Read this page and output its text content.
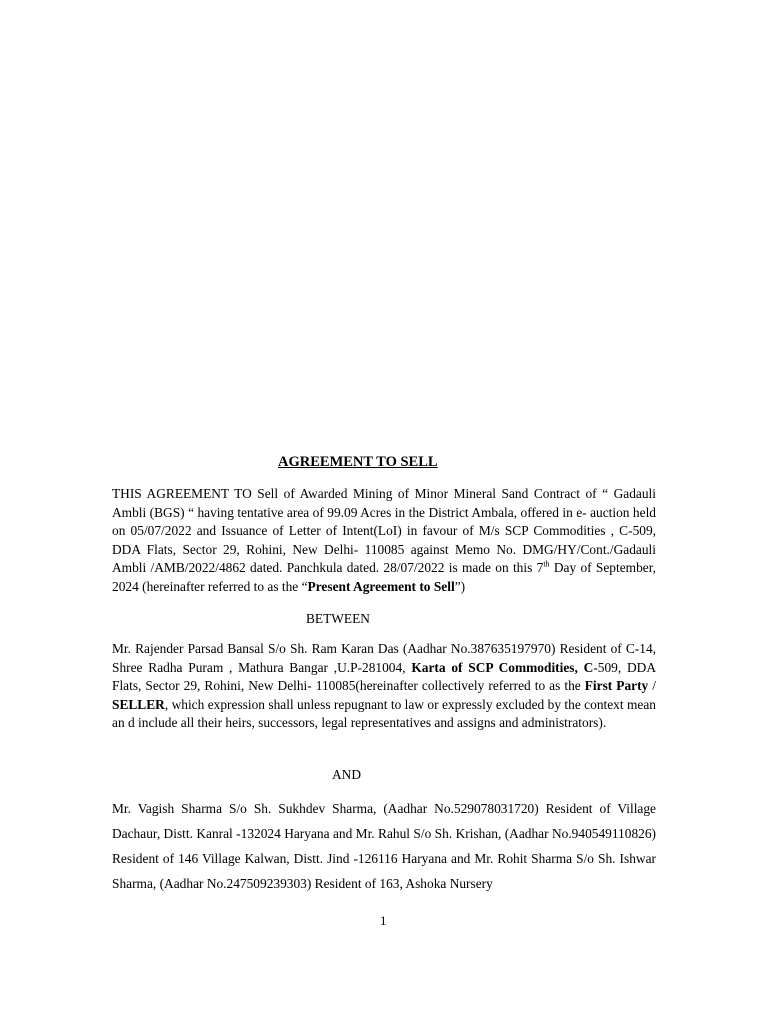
AGREEMENT TO SELL

THIS AGREEMENT TO Sell of Awarded Mining of Minor Mineral Sand Contract of “ Gadauli Ambli (BGS) “ having tentative area of 99.09 Acres in the District Ambala, offered in e- auction held on 05/07/2022 and Issuance of Letter of Intent(LoI) in favour of M/s SCP Commodities , C-509, DDA Flats, Sector 29, Rohini, New Delhi- 110085 against Memo No. DMG/HY/Cont./Gadauli Ambli /AMB/2022/4862 dated. Panchkula dated. 28/07/2022 is made on this 7th Day of September, 2024 (hereinafter referred to as the “Present Agreement to Sell”)

BETWEEN

Mr. Rajender Parsad Bansal S/o Sh. Ram Karan Das (Aadhar No.387635197970) Resident of C-14, Shree Radha Puram , Mathura Bangar ,U.P-281004, Karta of SCP Commodities, C-509, DDA Flats, Sector 29, Rohini, New Delhi- 110085(hereinafter collectively referred to as the First Party / SELLER, which expression shall unless repugnant to law or expressly excluded by the context mean an d include all their heirs, successors, legal representatives and assigns and administrators).

AND

Mr. Vagish Sharma S/o Sh. Sukhdev Sharma, (Aadhar No.529078031720) Resident of Village Dachaur, Distt. Kanral -132024 Haryana and Mr. Rahul S/o Sh. Krishan, (Aadhar No.940549110826) Resident of 146 Village Kalwan, Distt. Jind -126116 Haryana and Mr. Rohit Sharma S/o Sh. Ishwar Sharma, (Aadhar No.247509239303) Resident of 163, Ashoka Nursery

1
